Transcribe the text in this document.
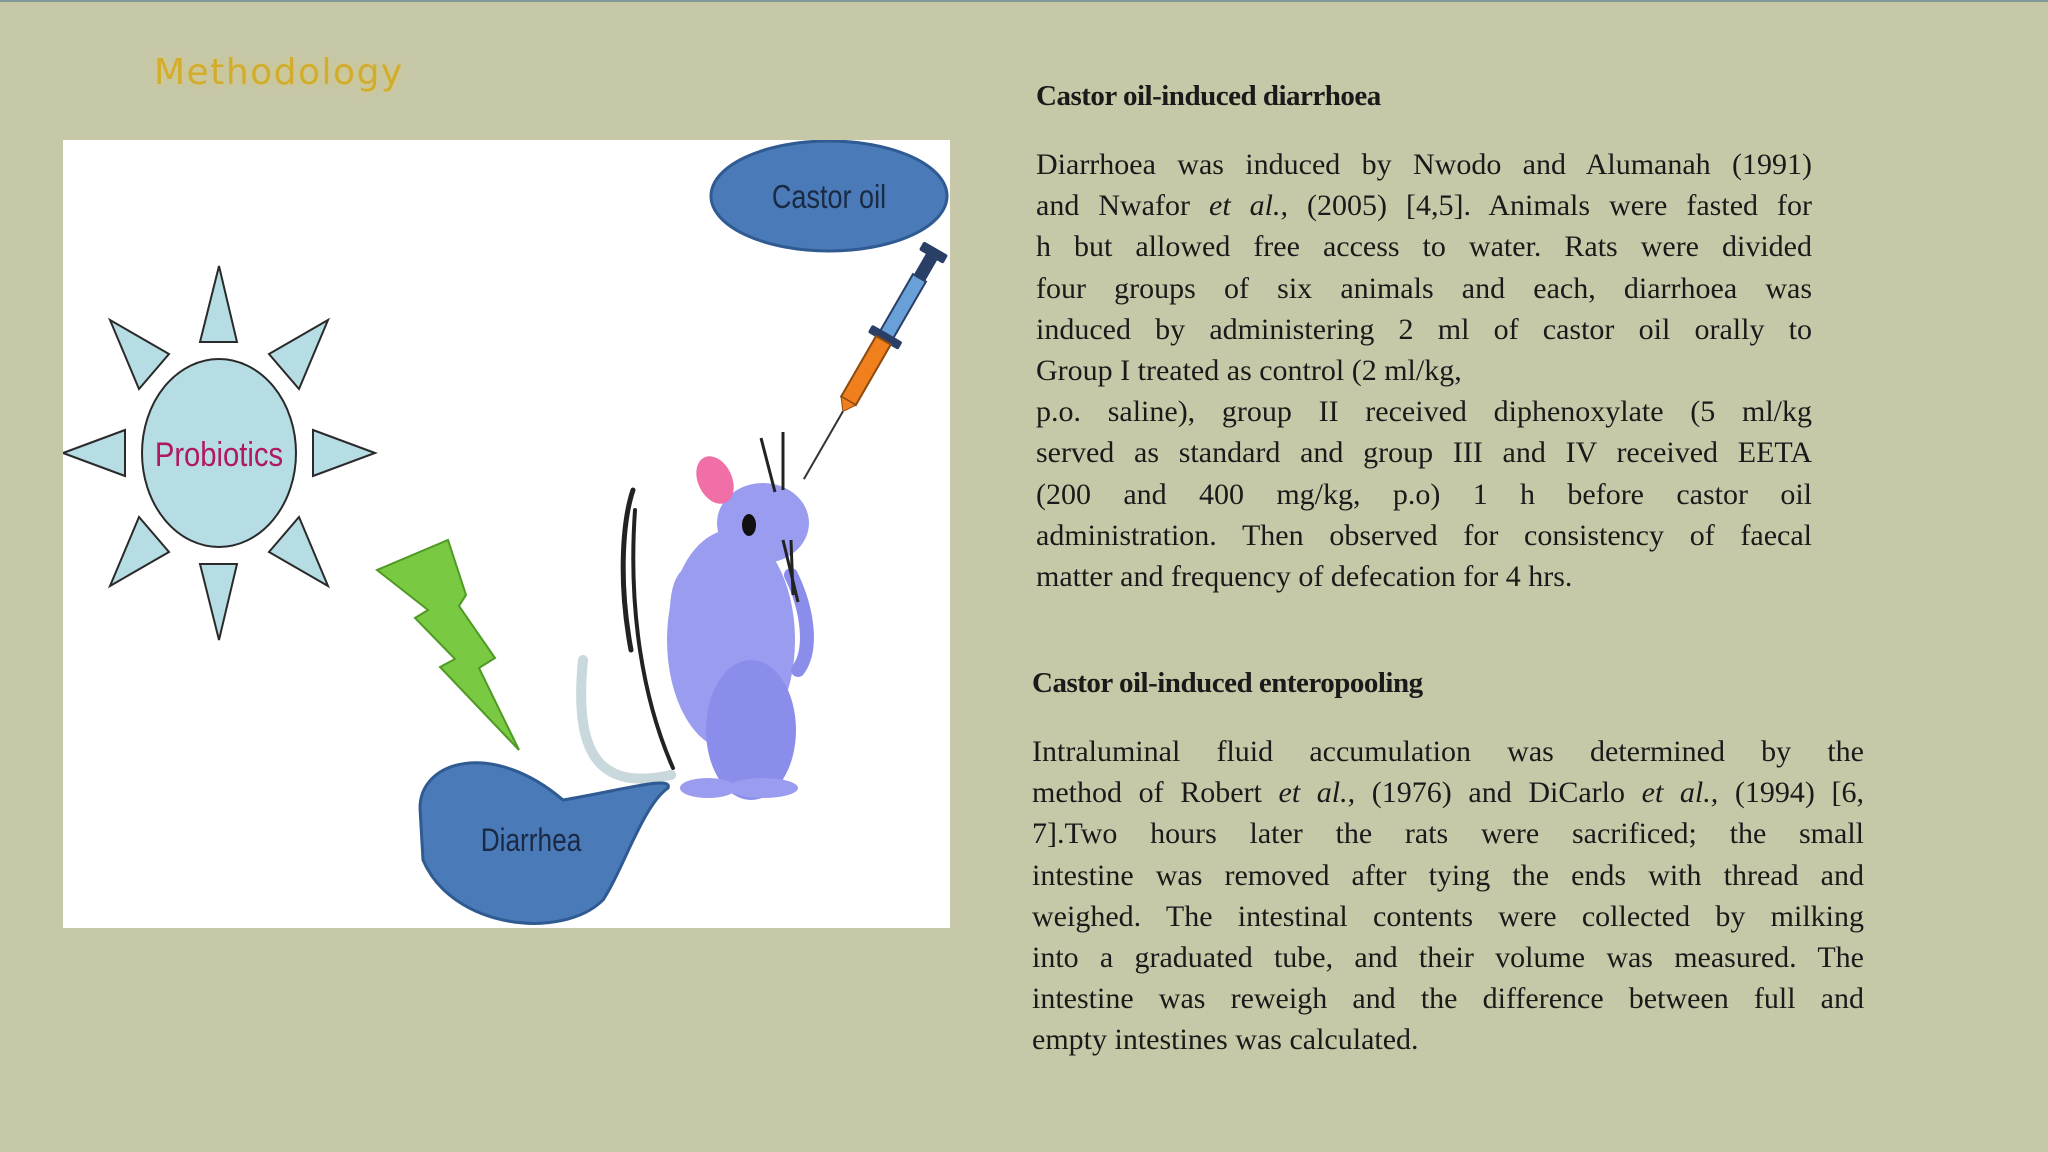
Methodology
Castor oil
Probiotics
Diarrhea
Castor oil-induced diarrhoea

Diarrhoea was induced by Nwodo and Alumanah (1991)
and Nwafor et al., (2005) [4,5]. Animals were fasted for
h but allowed free access to water. Rats were divided
four groups of six animals and each, diarrhoea was
induced by administering 2 ml of castor oil orally to
Group I treated as control (2 ml/kg,
p.o. saline), group II received diphenoxylate (5 ml/kg
served as standard and group III and IV received EETA
(200 and 400 mg/kg, p.o) 1 h before castor oil
administration. Then observed for consistency of faecal
matter and frequency of defecation for 4 hrs.

Castor oil-induced enteropooling

Intraluminal fluid accumulation was determined by the
method of Robert et al., (1976) and DiCarlo et al., (1994) [6,
7].Two hours later the rats were sacrificed; the small
intestine was removed after tying the ends with thread and
weighed. The intestinal contents were collected by milking
into a graduated tube, and their volume was measured. The
intestine was reweigh and the difference between full and
empty intestines was calculated.
